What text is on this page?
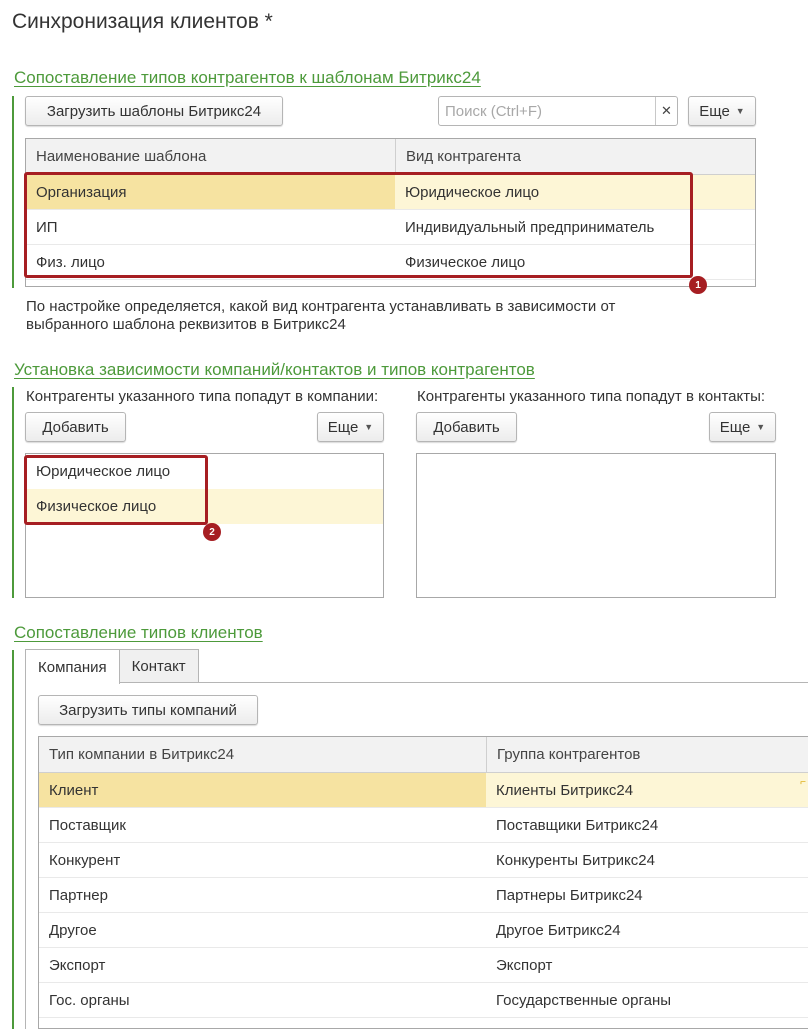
Синхронизация клиентов *
Сопоставление типов контрагентов к шаблонам Битрикс24
Загрузить шаблоны Битрикс24
Поиск (Ctrl+F)	✕	Еще ▼
Наименование шаблона	Вид контрагента
Организация	Юридическое лицо
ИП	Индивидуальный предприниматель
Физ. лицо	Физическое лицо
1
По настройке определяется, какой вид контрагента устанавливать в зависимости от
выбранного шаблона реквизитов в Битрикс24
Установка зависимости компаний/контактов и типов контрагентов
Контрагенты указанного типа попадут в компании:	Контрагенты указанного типа попадут в контакты:
Добавить	Еще ▼	Добавить	Еще ▼
Юридическое лицо
Физическое лицо
2
Сопоставление типов клиентов
Компания	Контакт
Загрузить типы компаний
Тип компании в Битрикс24	Группа контрагентов
Клиент	Клиенты Битрикс24	⌐
Поставщик	Поставщики Битрикс24
Конкурент	Конкуренты Битрикс24
Партнер	Партнеры Битрикс24
Другое	Другое Битрикс24
Экспорт	Экспорт
Гос. органы	Государственные органы
